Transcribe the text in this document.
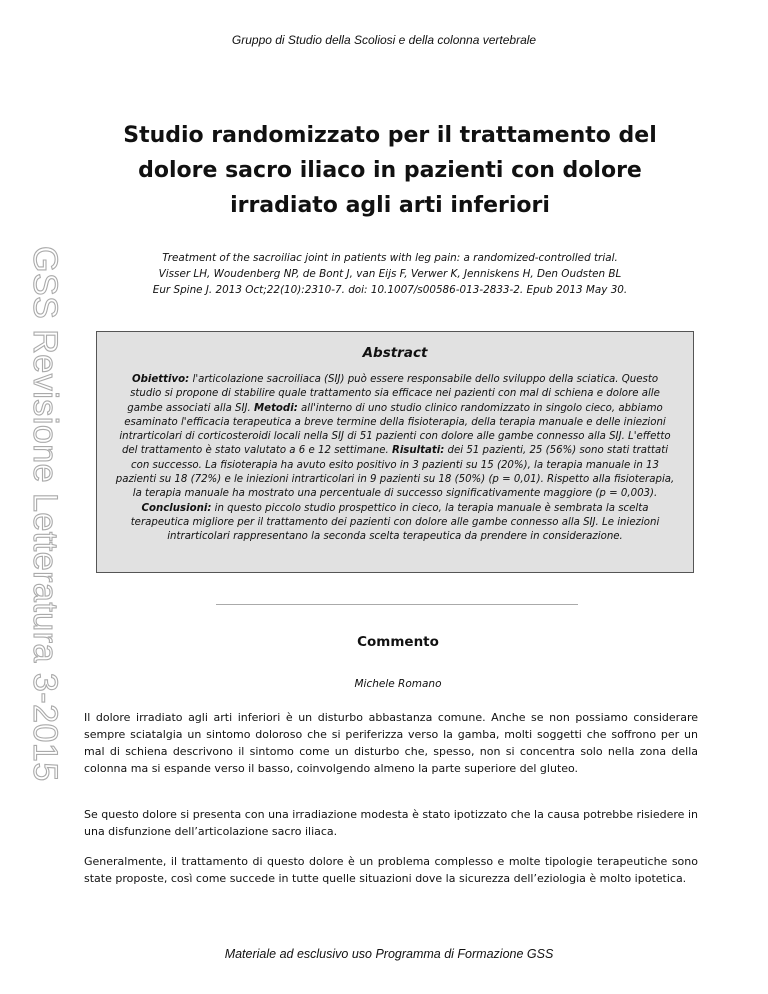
Gruppo di Studio della Scoliosi e della colonna vertebrale
GSS Revisione Letteratura 3-2015
Studio randomizzato per il trattamento del dolore sacro iliaco in pazienti con dolore irradiato agli arti inferiori
Treatment of the sacroiliac joint in patients with leg pain: a randomized-controlled trial.
Visser LH, Woudenberg NP, de Bont J, van Eijs F, Verwer K, Jenniskens H, Den Oudsten BL
Eur Spine J. 2013 Oct;22(10):2310-7. doi: 10.1007/s00586-013-2833-2. Epub 2013 May 30.
Abstract
Obiettivo: l'articolazione sacroiliaca (SIJ) può essere responsabile dello sviluppo della sciatica. Questo studio si propone di stabilire quale trattamento sia efficace nei pazienti con mal di schiena e dolore alle gambe associati alla SIJ. Metodi: all'interno di uno studio clinico randomizzato in singolo cieco, abbiamo esaminato l'efficacia terapeutica a breve termine della fisioterapia, della terapia manuale e delle iniezioni intrarticolari di corticosteroidi locali nella SIJ di 51 pazienti con dolore alle gambe connesso alla SIJ. L'effetto del trattamento è stato valutato a 6 e 12 settimane. Risultati: dei 51 pazienti, 25 (56%) sono stati trattati con successo. La fisioterapia ha avuto esito positivo in 3 pazienti su 15 (20%), la terapia manuale in 13 pazienti su 18 (72%) e le iniezioni intrarticolari in 9 pazienti su 18 (50%) (p = 0,01). Rispetto alla fisioterapia, la terapia manuale ha mostrato una percentuale di successo significativamente maggiore (p = 0,003). Conclusioni: in questo piccolo studio prospettico in cieco, la terapia manuale è sembrata la scelta terapeutica migliore per il trattamento dei pazienti con dolore alle gambe connesso alla SIJ. Le iniezioni intrarticolari rappresentano la seconda scelta terapeutica da prendere in considerazione.
Commento
Michele Romano

Il dolore irradiato agli arti inferiori è un disturbo abbastanza comune. Anche se non possiamo considerare sempre sciatalgia un sintomo doloroso che si periferizza verso la gamba, molti soggetti che soffrono per un mal di schiena descrivono il sintomo come un disturbo che, spesso, non si concentra solo nella zona della colonna ma si espande verso il basso, coinvolgendo almeno la parte superiore del gluteo.

Se questo dolore si presenta con una irradiazione modesta è stato ipotizzato che la causa potrebbe risiedere in una disfunzione dell’articolazione sacro iliaca.

Generalmente, il trattamento di questo dolore è un problema complesso e molte tipologie terapeutiche sono state proposte, così come succede in tutte quelle situazioni dove la sicurezza dell’eziologia è molto ipotetica.

Materiale ad esclusivo uso Programma di Formazione GSS
